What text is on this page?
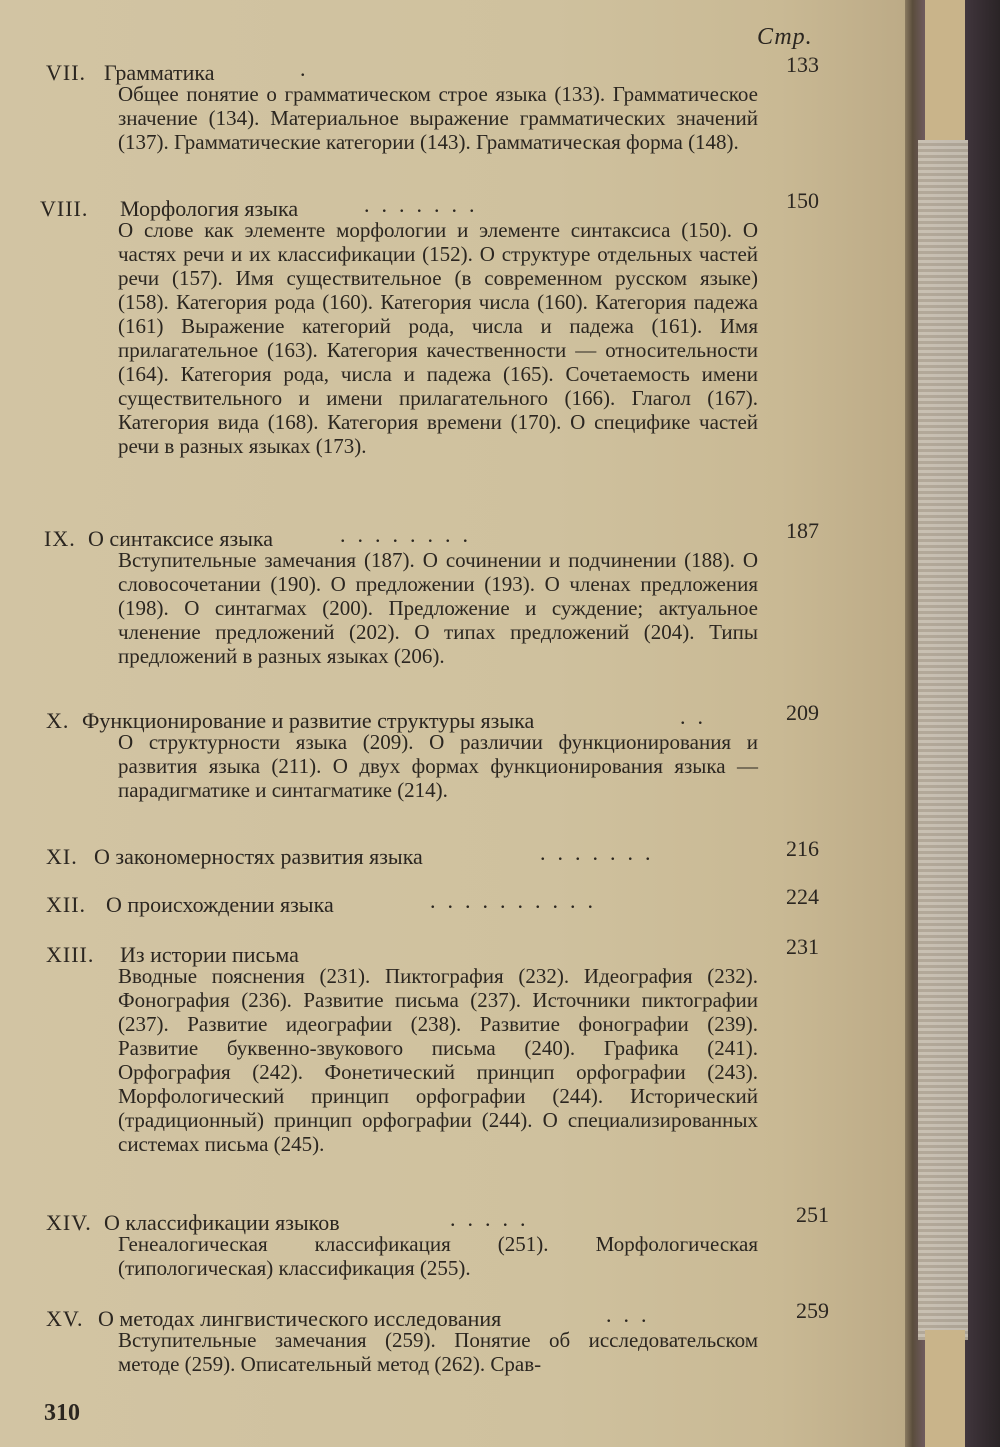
Стр.
VII. Грамматика	.	133
Общее понятие о грамматическом строе языка (133). Грамматическое значение (134). Материальное выражение грамматических значений (137). Грамматические категории (143). Грамматическая форма (148).
VIII. Морфология языка	.......	150
О слове как элементе морфологии и элементе синтаксиса (150). О частях речи и их классификации (152). О структуре отдельных частей речи (157). Имя существительное (в современном русском языке) (158). Категория рода (160). Категория числа (160). Категория падежа (161) Выражение категорий рода, числа и падежа (161). Имя прилагательное (163). Категория качественности — относительности (164). Категория рода, числа и падежа (165). Сочетаемость имени существительного и имени прилагательного (166). Глагол (167). Категория вида (168). Категория времени (170). О специфике частей речи в разных языках (173).
IX. О синтаксисе языка	........	187
Вступительные замечания (187). О сочинении и подчинении (188). О словосочетании (190). О предложении (193). О членах предложения (198). О синтагмах (200). Предложение и суждение; актуальное членение предложений (202). О типах предложений (204). Типы предложений в разных языках (206).
X. Функционирование и развитие структуры языка	..	209
О структурности языка (209). О различии функционирования и развития языка (211). О двух формах функционирования языка — парадигматике и синтагматике (214).
XI. О закономерностях развития языка	.......	216
XII. О происхождении языка	..........	224
XIII. Из истории письма	231
Вводные пояснения (231). Пиктография (232). Идеография (232). Фонография (236). Развитие письма (237). Источники пиктографии (237). Развитие идеографии (238). Развитие фонографии (239). Развитие буквенно-звукового письма (240). Графика (241). Орфография (242). Фонетический принцип орфографии (243). Морфологический принцип орфографии (244). Исторический (традиционный) принцип орфографии (244). О специализированных системах письма (245).
XIV. О классификации языков	.....	251
Генеалогическая классификация (251). Морфологическая (типологическая) классификация (255).
XV. О методах лингвистического исследования	...	259
Вступительные замечания (259). Понятие об исследовательском методе (259). Описательный метод (262). Срав-
310
